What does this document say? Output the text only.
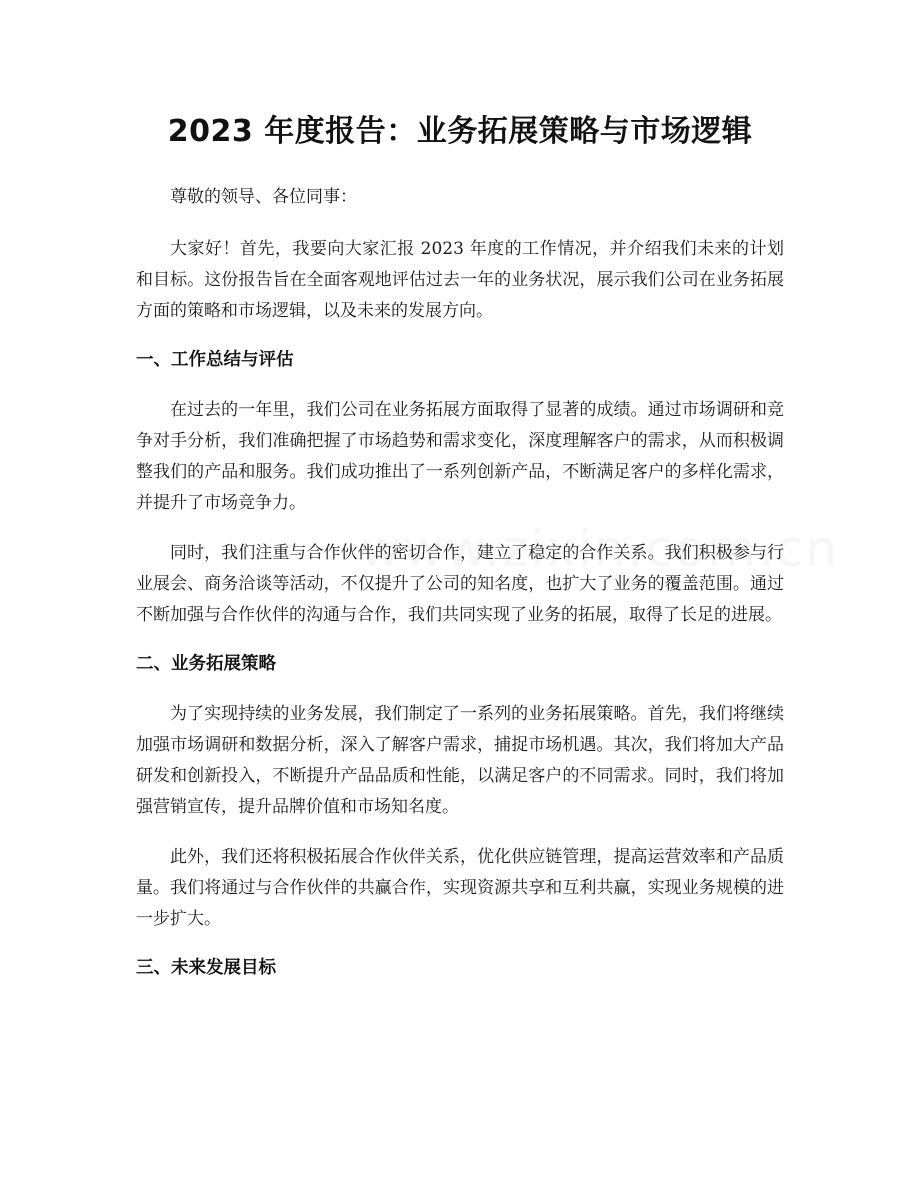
2023 年度报告：业务拓展策略与市场逻辑

尊敬的领导、各位同事：

大家好！首先，我要向大家汇报 2023 年度的工作情况，并介绍我们未来的计划和目标。这份报告旨在全面客观地评估过去一年的业务状况，展示我们公司在业务拓展方面的策略和市场逻辑，以及未来的发展方向。

一、工作总结与评估

在过去的一年里，我们公司在业务拓展方面取得了显著的成绩。通过市场调研和竞争对手分析，我们准确把握了市场趋势和需求变化，深度理解客户的需求，从而积极调整我们的产品和服务。我们成功推出了一系列创新产品，不断满足客户的多样化需求，并提升了市场竞争力。

同时，我们注重与合作伙伴的密切合作，建立了稳定的合作关系。我们积极参与行业展会、商务洽谈等活动，不仅提升了公司的知名度，也扩大了业务的覆盖范围。通过不断加强与合作伙伴的沟通与合作，我们共同实现了业务的拓展，取得了长足的进展。

二、业务拓展策略

为了实现持续的业务发展，我们制定了一系列的业务拓展策略。首先，我们将继续加强市场调研和数据分析，深入了解客户需求，捕捉市场机遇。其次，我们将加大产品研发和创新投入，不断提升产品品质和性能，以满足客户的不同需求。同时，我们将加强营销宣传，提升品牌价值和市场知名度。

此外，我们还将积极拓展合作伙伴关系，优化供应链管理，提高运营效率和产品质量。我们将通过与合作伙伴的共赢合作，实现资源共享和互利共赢，实现业务规模的进一步扩大。

三、未来发展目标
